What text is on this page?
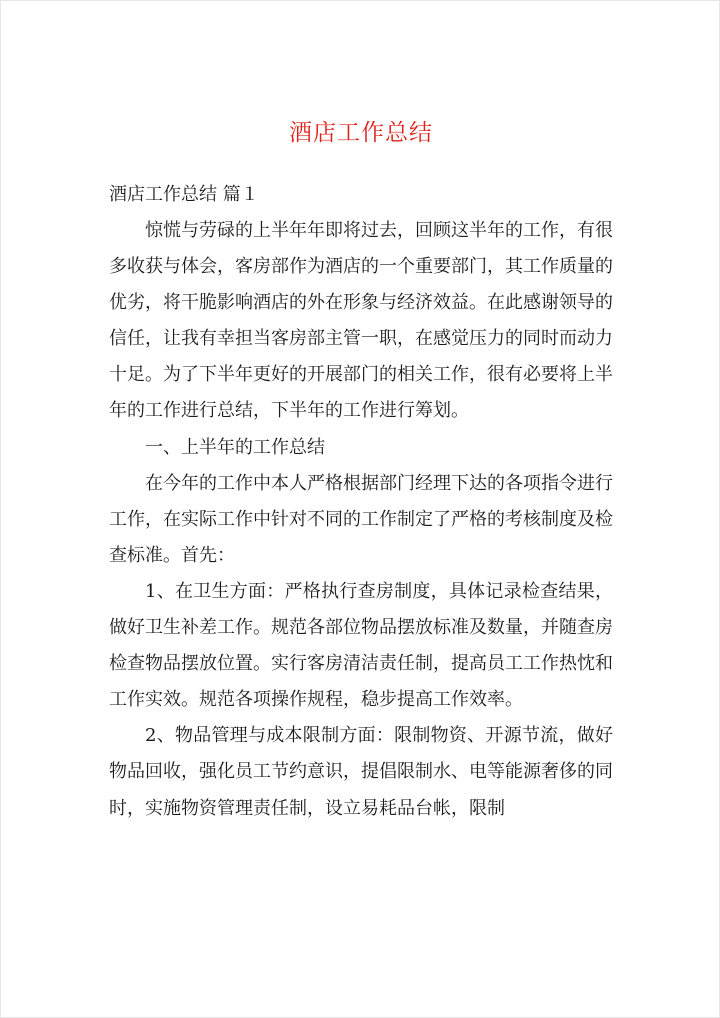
酒店工作总结
酒店工作总结 篇１

惊慌与劳碌的上半年年即将过去，回顾这半年的工作，有很多收获与体会，客房部作为酒店的一个重要部门，其工作质量的优劣，将干脆影响酒店的外在形象与经济效益。在此感谢领导的信任，让我有幸担当客房部主管一职，在感觉压力的同时而动力十足。为了下半年更好的开展部门的相关工作，很有必要将上半年的工作进行总结，下半年的工作进行筹划。

一、上半年的工作总结

在今年的工作中本人严格根据部门经理下达的各项指令进行工作，在实际工作中针对不同的工作制定了严格的考核制度及检查标准。首先：

1、在卫生方面：严格执行查房制度，具体记录检查结果，做好卫生补差工作。规范各部位物品摆放标准及数量，并随查房检查物品摆放位置。实行客房清洁责任制，提高员工工作热忱和工作实效。规范各项操作规程，稳步提高工作效率。

2、物品管理与成本限制方面：限制物资、开源节流，做好物品回收，强化员工节约意识，提倡限制水、电等能源奢侈的同时，实施物资管理责任制，设立易耗品台帐，限制
